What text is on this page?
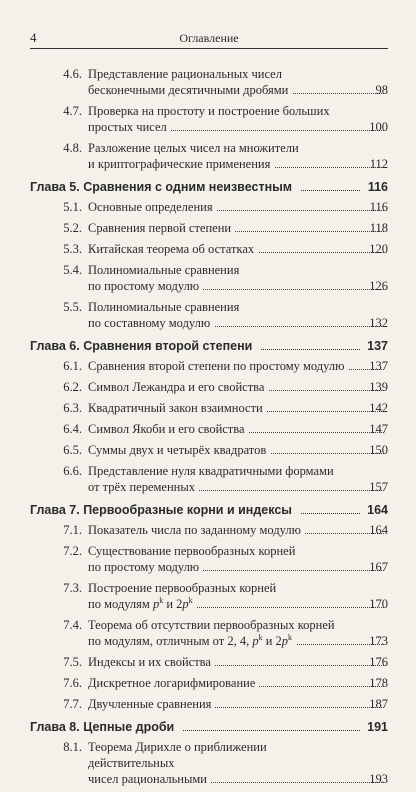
4	Оглавление
4.6. Представление рациональных чисел
бесконечными десятичными дробями	98
4.7. Проверка на простоту и построение больших
простых чисел	100
4.8. Разложение целых чисел на множители
и криптографические применения	112
Глава 5. Сравнения с одним неизвестным	116
5.1. Основные определения	116
5.2. Сравнения первой степени	118
5.3. Китайская теорема об остатках	120
5.4. Полиномиальные сравнения
по простому модулю	126
5.5. Полиномиальные сравнения
по составному модулю	132
Глава 6. Сравнения второй степени	137
6.1. Сравнения второй степени по простому модулю	137
6.2. Символ Лежандра и его свойства	139
6.3. Квадратичный закон взаимности	142
6.4. Символ Якоби и его свойства	147
6.5. Суммы двух и четырёх квадратов	150
6.6. Представление нуля квадратичными формами
от трёх переменных	157
Глава 7. Первообразные корни и индексы	164
7.1. Показатель числа по заданному модулю	164
7.2. Существование первообразных корней
по простому модулю	167
7.3. Построение первообразных корней
по модулям $p^k$ и $2p^k$	170
7.4. Теорема об отсутствии первообразных корней
по модулям, отличным от 2, 4, $p^k$ и $2p^k$	173
7.5. Индексы и их свойства	176
7.6. Дискретное логарифмирование	178
7.7. Двучленные сравнения	187
Глава 8. Цепные дроби	191
8.1. Теорема Дирихле о приближении действительных
чисел рациональными	193
